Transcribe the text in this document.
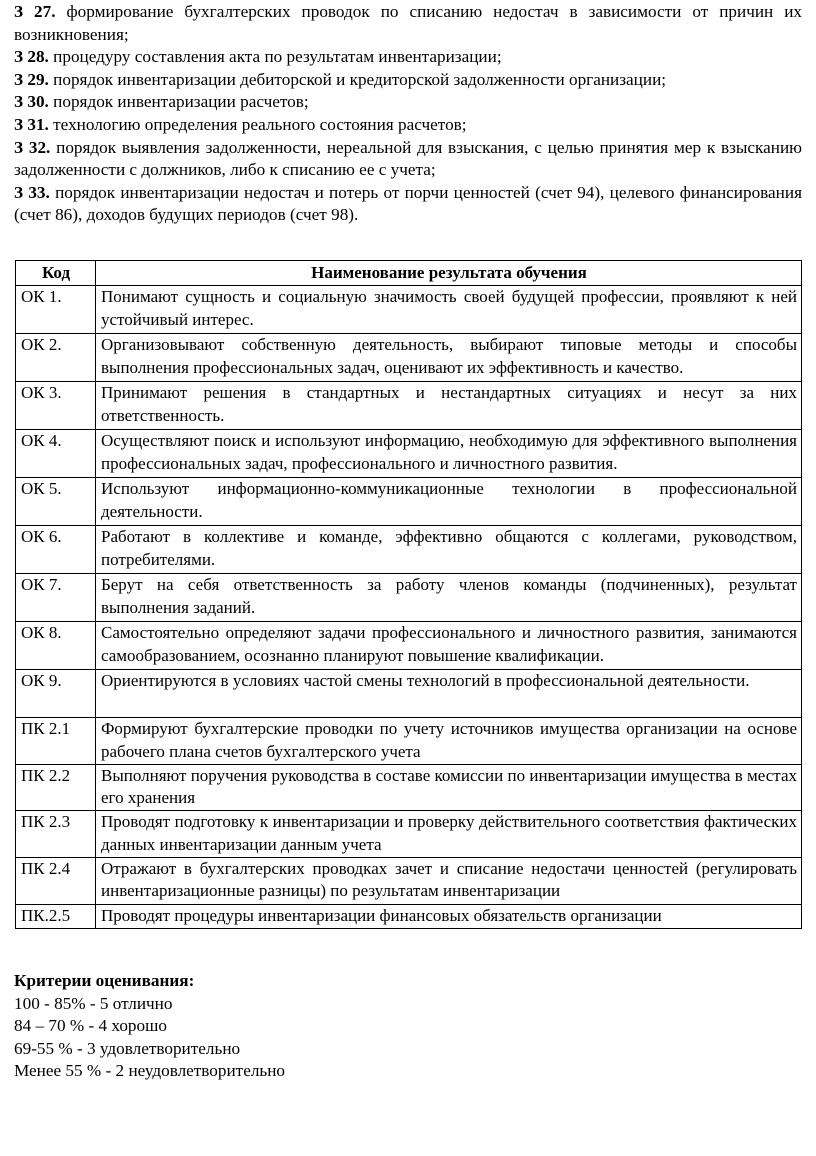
З 27. формирование бухгалтерских проводок по списанию недостач в зависимости от причин их возникновения;
З 28. процедуру составления акта по результатам инвентаризации;
З 29. порядок инвентаризации дебиторской и кредиторской задолженности организации;
З 30. порядок инвентаризации расчетов;
З 31. технологию определения реального состояния расчетов;
З 32. порядок выявления задолженности, нереальной для взыскания, с целью принятия мер к взысканию задолженности с должников, либо к списанию ее с учета;
З 33. порядок инвентаризации недостач и потерь от порчи ценностей (счет 94), целевого финансирования (счет 86), доходов будущих периодов (счет 98).
Код	Наименование результата обучения
ОК 1.	Понимают сущность и социальную значимость своей будущей профессии, проявляют к ней устойчивый интерес.
ОК 2.	Организовывают собственную деятельность, выбирают типовые методы и способы выполнения профессиональных задач, оценивают их эффективность и качество.
ОК 3.	Принимают решения в стандартных и нестандартных ситуациях и несут за них ответственность.
ОК 4.	Осуществляют поиск и используют информацию, необходимую для эффективного выполнения профессиональных задач, профессионального и личностного развития.
ОК 5.	Используют информационно-коммуникационные технологии в профессиональной деятельности.
ОК 6.	Работают в коллективе и команде, эффективно общаются с коллегами, руководством, потребителями.
ОК 7.	Берут на себя ответственность за работу членов команды (подчиненных), результат выполнения заданий.
ОК 8.	Самостоятельно определяют задачи профессионального и личностного развития, занимаются самообразованием, осознанно планируют повышение квалификации.
ОК 9.	Ориентируются в условиях частой смены технологий в профессиональной деятельности.
ПК 2.1	Формируют бухгалтерские проводки по учету источников имущества организации на основе рабочего плана счетов бухгалтерского учета
ПК 2.2	Выполняют поручения руководства в составе комиссии по инвентаризации имущества в местах его хранения
ПК 2.3	Проводят подготовку к инвентаризации и проверку действительного соответствия фактических данных инвентаризации данным учета
ПК 2.4	Отражают в бухгалтерских проводках зачет и списание недостачи ценностей (регулировать инвентаризационные разницы) по результатам инвентаризации
ПК.2.5	Проводят процедуры инвентаризации финансовых обязательств организации
Критерии оценивания:
100 - 85% - 5 отлично
84 – 70 % - 4 хорошо
69-55 % - 3 удовлетворительно
Менее 55 % - 2 неудовлетворительно
